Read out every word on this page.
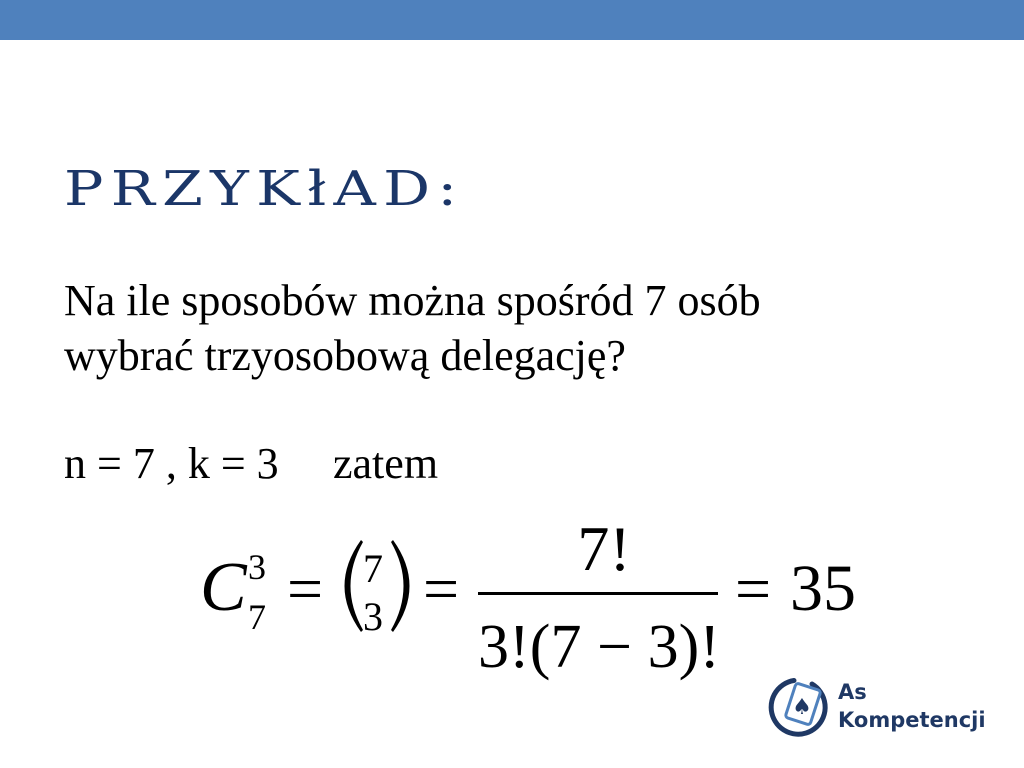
PRZYKłAD:
Na ile sposobów można spośród 7 osób
wybrać trzyosobową delegację?
n = 7 , k = 3 zatem
C 3
7 = 7
3 =
7!
3!(7 − 3)!
= 35
♠
As
Kompetencji
